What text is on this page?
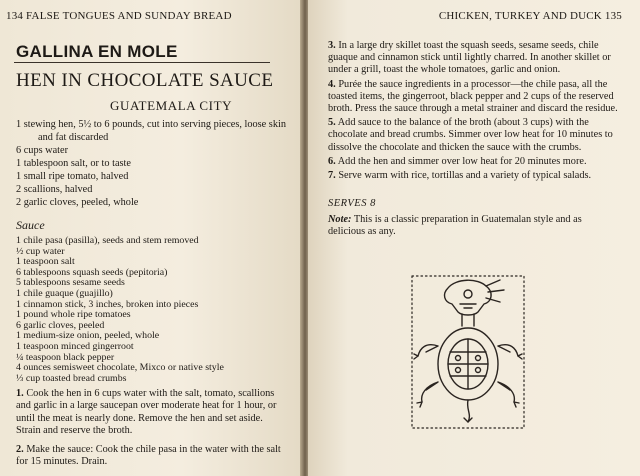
134 FALSE TONGUES AND SUNDAY BREAD
GALLINA EN MOLE
HEN IN CHOCOLATE SAUCE
GUATEMALA CITY

1 stewing hen, 5½ to 6 pounds, cut into serving pieces, loose skin

and fat discarded

6 cups water

1 tablespoon salt, or to taste

1 small ripe tomato, halved

2 scallions, halved

2 garlic cloves, peeled, whole

Sauce

1 chile pasa (pasilla), seeds and stem removed

½ cup water

1 teaspoon salt

6 tablespoons squash seeds (pepitoria)

5 tablespoons sesame seeds

1 chile guaque (guajillo)

1 cinnamon stick, 3 inches, broken into pieces

1 pound whole ripe tomatoes

6 garlic cloves, peeled

1 medium-size onion, peeled, whole

1 teaspoon minced gingerroot

¼ teaspoon black pepper

4 ounces semisweet chocolate, Mixco or native style

⅓ cup toasted bread crumbs

1. Cook the hen in 6 cups water with the salt, tomato, scallions and garlic in a large saucepan over moderate heat for 1 hour, or until the meat is nearly done. Remove the hen and set aside. Strain and reserve the broth.

2. Make the sauce: Cook the chile pasa in the water with the salt for 15 minutes. Drain.

CHICKEN, TURKEY AND DUCK 135

3. In a large dry skillet toast the squash seeds, sesame seeds, chile guaque and cinnamon stick until lightly charred. In another skillet or under a grill, toast the whole tomatoes, garlic and onion.

4. Purée the sauce ingredients in a processor—the chile pasa, all the toasted items, the gingerroot, black pepper and 2 cups of the reserved broth. Press the sauce through a metal strainer and discard the residue.

5. Add sauce to the balance of the broth (about 3 cups) with the chocolate and bread crumbs. Simmer over low heat for 10 minutes to dissolve the chocolate and thicken the sauce with the crumbs.

6. Add the hen and simmer over low heat for 20 minutes more.

7. Serve warm with rice, tortillas and a variety of typical salads.

SERVES 8
Note: This is a classic preparation in Guatemalan style and as delicious as any.
